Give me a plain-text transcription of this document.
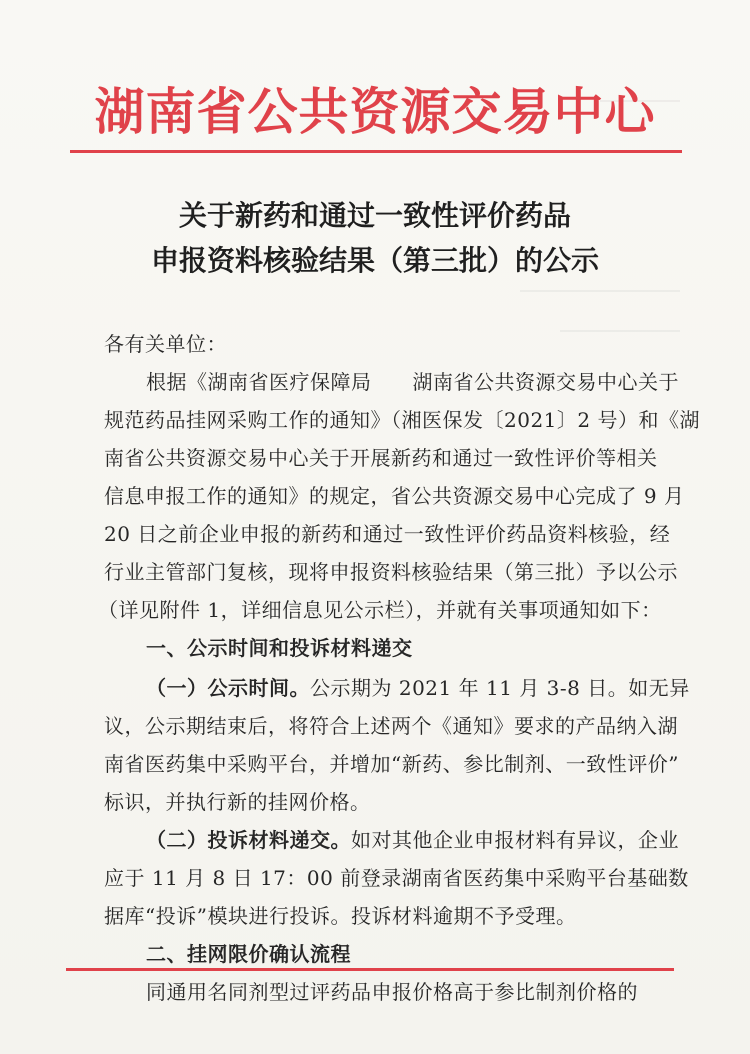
湖南省公共资源交易中心
关于新药和通过一致性评价药品
申报资料核验结果（第三批）的公示
各有关单位：
根据《湖南省医疗保障局　　湖南省公共资源交易中心关于
规范药品挂网采购工作的通知》（湘医保发〔2021〕2 号）和《湖
南省公共资源交易中心关于开展新药和通过一致性评价等相关
信息申报工作的通知》的规定，省公共资源交易中心完成了 9 月
20 日之前企业申报的新药和通过一致性评价药品资料核验，经
行业主管部门复核，现将申报资料核验结果（第三批）予以公示
（详见附件 1，详细信息见公示栏），并就有关事项通知如下：
一、公示时间和投诉材料递交
（一）公示时间。公示期为 2021 年 11 月 3-8 日。如无异
议，公示期结束后，将符合上述两个《通知》要求的产品纳入湖
南省医药集中采购平台，并增加“新药、参比制剂、一致性评价”
标识，并执行新的挂网价格。
（二）投诉材料递交。如对其他企业申报材料有异议，企业
应于 11 月 8 日 17：00 前登录湖南省医药集中采购平台基础数
据库“投诉”模块进行投诉。投诉材料逾期不予受理。
二、挂网限价确认流程
同通用名同剂型过评药品申报价格高于参比制剂价格的
